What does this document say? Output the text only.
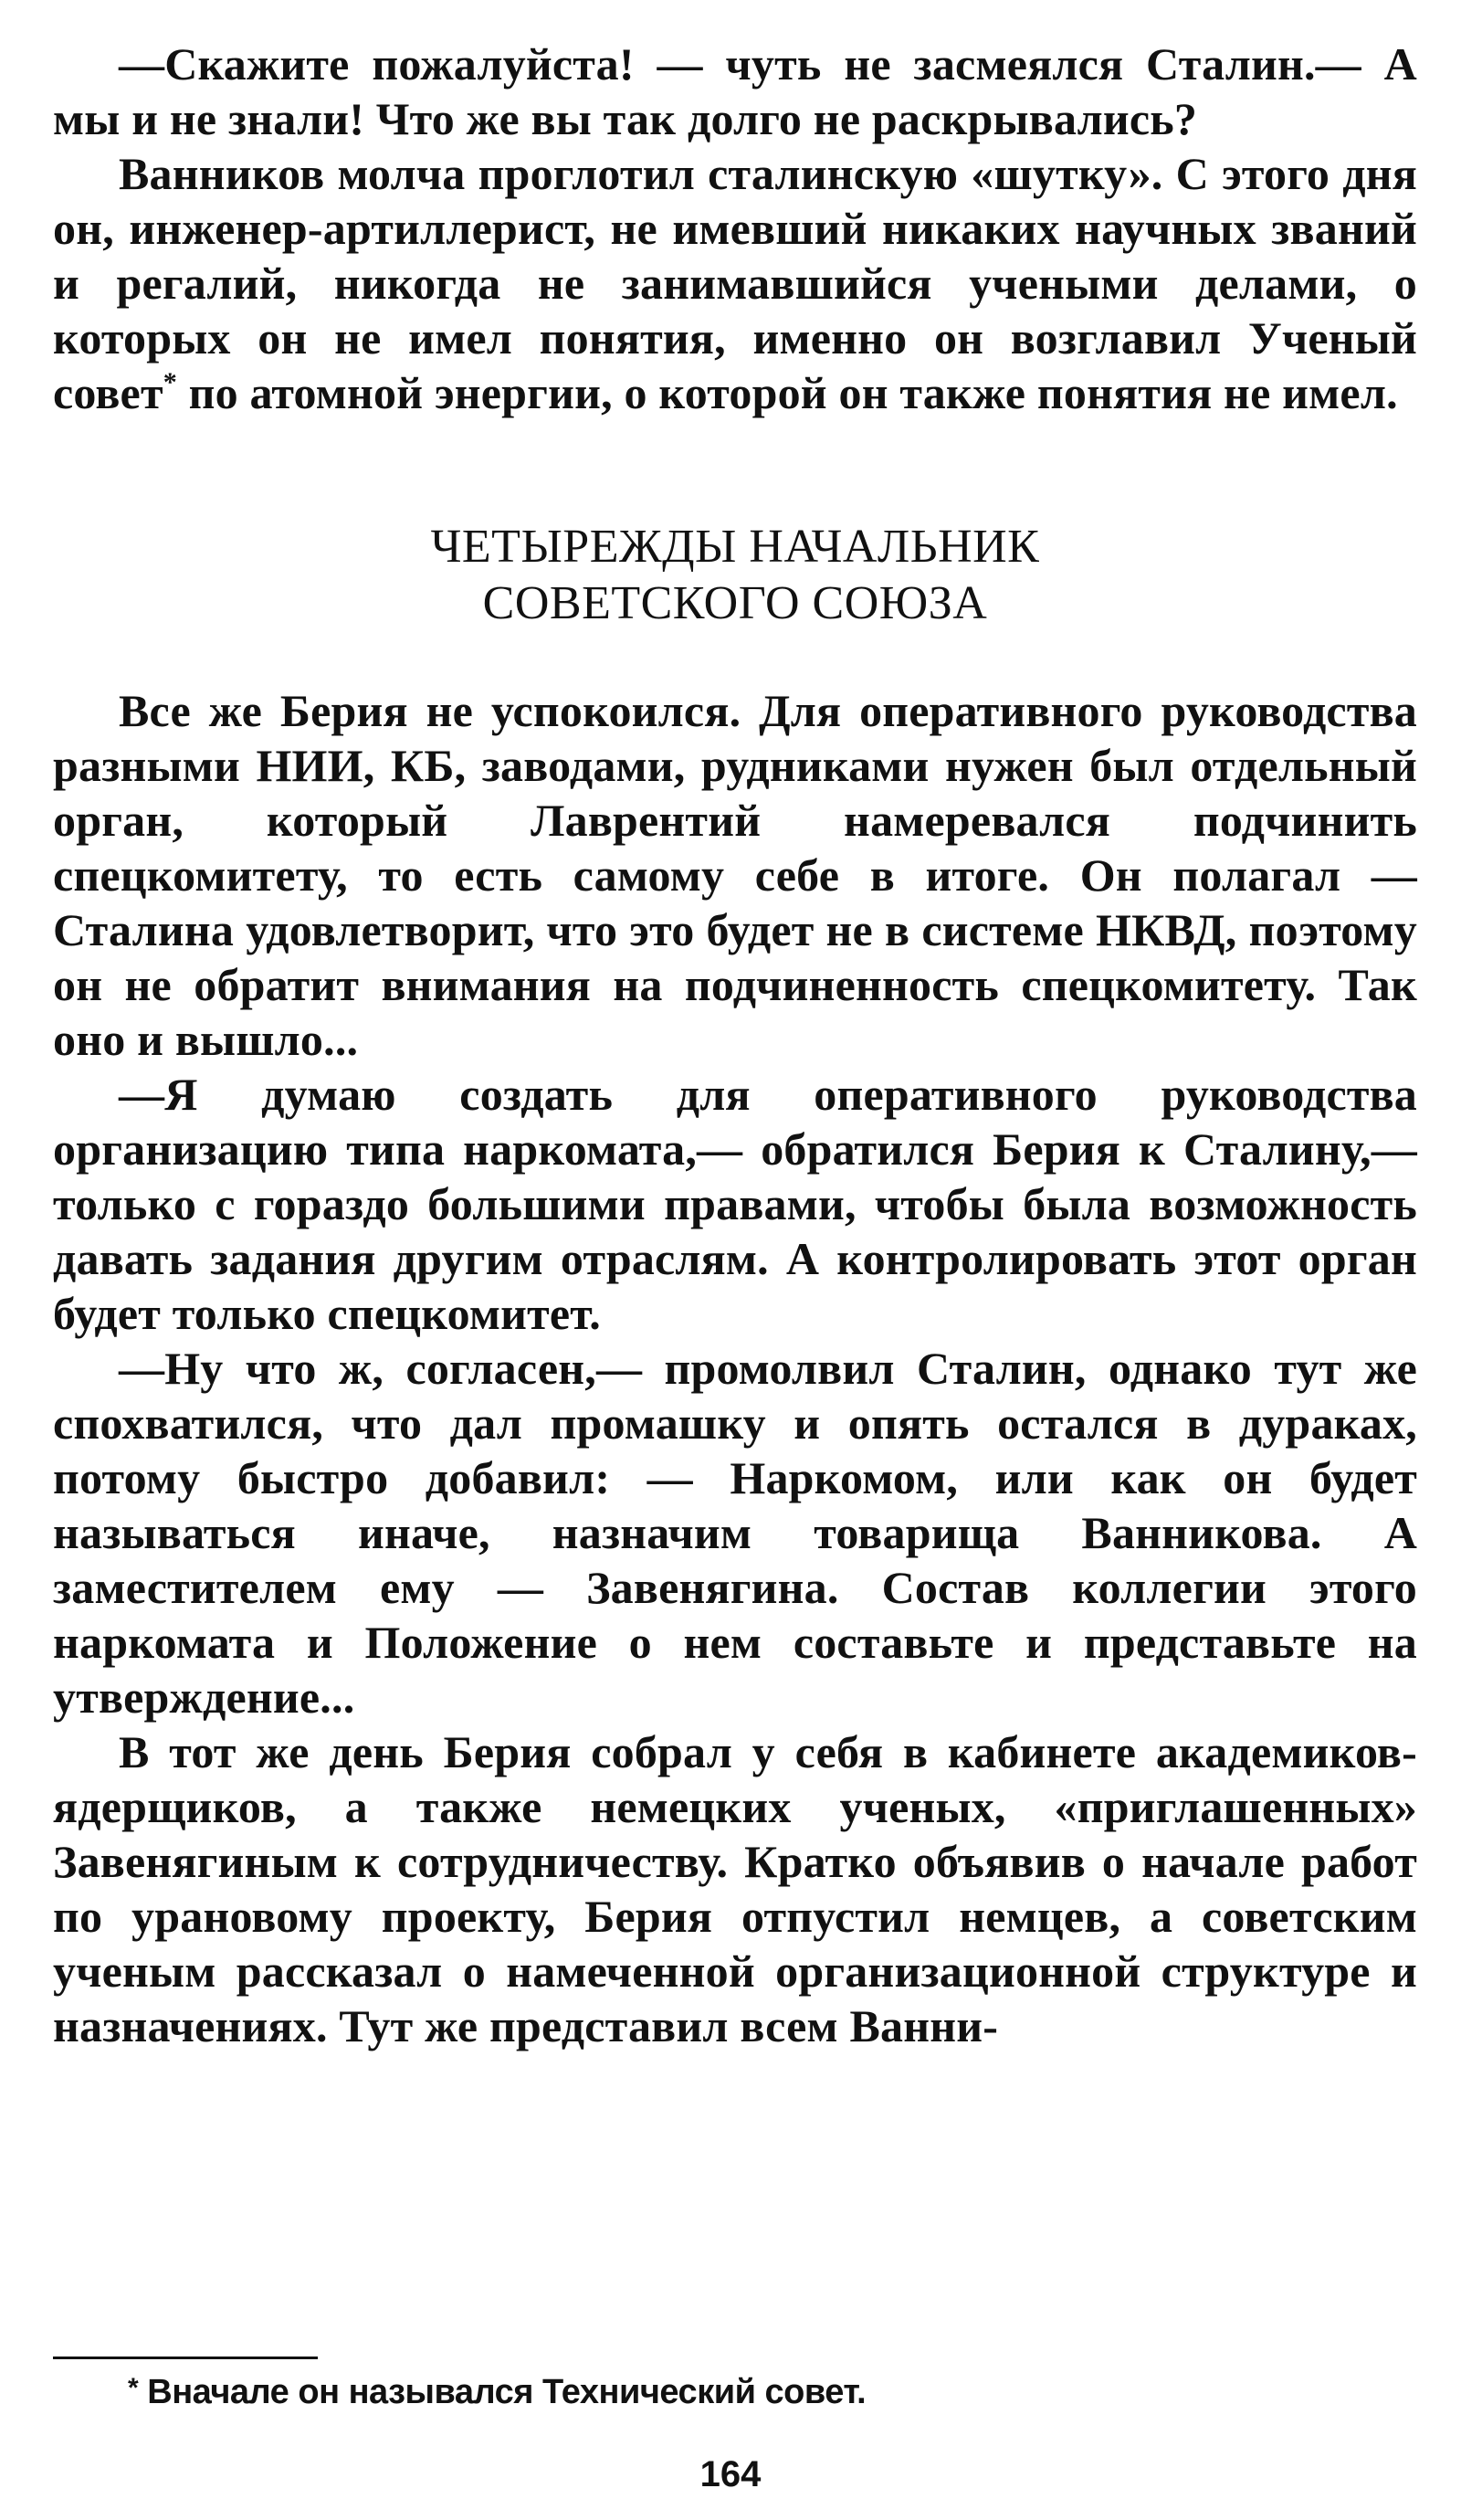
—Скажите пожалуйста! — чуть не засмеялся Сталин.— А мы и не знали! Что же вы так долго не раскрывались?

Ванников молча проглотил сталинскую «шутку». С этого дня он, инженер-артиллерист, не имевший никаких научных званий и регалий, никогда не занимавшийся учеными делами, о которых он не имел понятия, именно он возглавил Ученый совет* по атомной энергии, о которой он также понятия не имел.

ЧЕТЫРЕЖДЫ НАЧАЛЬНИК
СОВЕТСКОГО СОЮЗА

Все же Берия не успокоился. Для оперативного руководства разными НИИ, КБ, заводами, рудниками нужен был отдельный орган, который Лаврентий намеревался подчинить спецкомитету, то есть самому себе в итоге. Он полагал — Сталина удовлетворит, что это будет не в системе НКВД, поэтому он не обратит внимания на подчиненность спецкомитету. Так оно и вышло...

—Я думаю создать для оперативного руководства организацию типа наркомата,— обратился Берия к Сталину,— только с гораздо большими правами, чтобы была возможность давать задания другим отраслям. А контролировать этот орган будет только спецкомитет.

—Ну что ж, согласен,— промолвил Сталин, однако тут же спохватился, что дал промашку и опять остался в дураках, потому быстро добавил: — Наркомом, или как он будет называться иначе, назначим товарища Ванникова. А заместителем ему — Завенягина. Состав коллегии этого наркомата и Положение о нем составьте и представьте на утверждение...

В тот же день Берия собрал у себя в кабинете академиков-ядерщиков, а также немецких ученых, «приглашенных» Завенягиным к сотрудничеству. Кратко объявив о начале работ по урановому проекту, Берия отпустил немцев, а советским ученым рассказал о намеченной организационной структуре и назначениях. Тут же представил всем Ванни-

* Вначале он назывался Технический совет.
164
